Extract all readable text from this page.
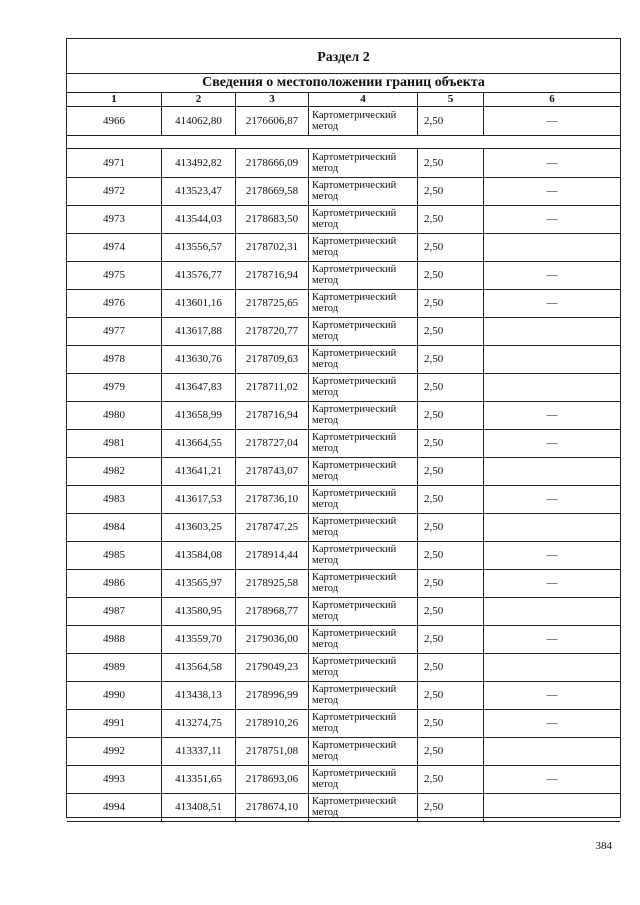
Раздел 2
Сведения о местоположении границ объекта
1	2	3	4	5	6
4966	414062,80	2176606,87	Картометрический метод	2,50	—
4971	413492,82	2178666,09	Картометрический метод	2,50	—
4972	413523,47	2178669,58	Картометрический метод	2,50	—
4973	413544,03	2178683,50	Картометрический метод	2,50	—
4974	413556,57	2178702,31	Картометрический метод	2,50
4975	413576,77	2178716,94	Картометрический метод	2,50	—
4976	413601,16	2178725,65	Картометрический метод	2,50	—
4977	413617,88	2178720,77	Картометрический метод	2,50
4978	413630,76	2178709,63	Картометрический метод	2,50
4979	413647,83	2178711,02	Картометрический метод	2,50
4980	413658,99	2178716,94	Картометрический метод	2,50	—
4981	413664,55	2178727,04	Картометрический метод	2,50	—
4982	413641,21	2178743,07	Картометрический метод	2,50
4983	413617,53	2178736,10	Картометрический метод	2,50	—
4984	413603,25	2178747,25	Картометрический метод	2,50
4985	413584,08	2178914,44	Картометрический метод	2,50	—
4986	413565,97	2178925,58	Картометрический метод	2,50	—
4987	413580,95	2178968,77	Картометрический метод	2,50
4988	413559,70	2179036,00	Картометрический метод	2,50	—
4989	413564,58	2179049,23	Картометрический метод	2,50
4990	413438,13	2178996,99	Картометрический метод	2,50	—
4991	413274,75	2178910,26	Картометрический метод	2,50	—
4992	413337,11	2178751,08	Картометрический метод	2,50
4993	413351,65	2178693,06	Картометрический метод	2,50	—
4994	413408,51	2178674,10	Картометрический метод	2,50
384
